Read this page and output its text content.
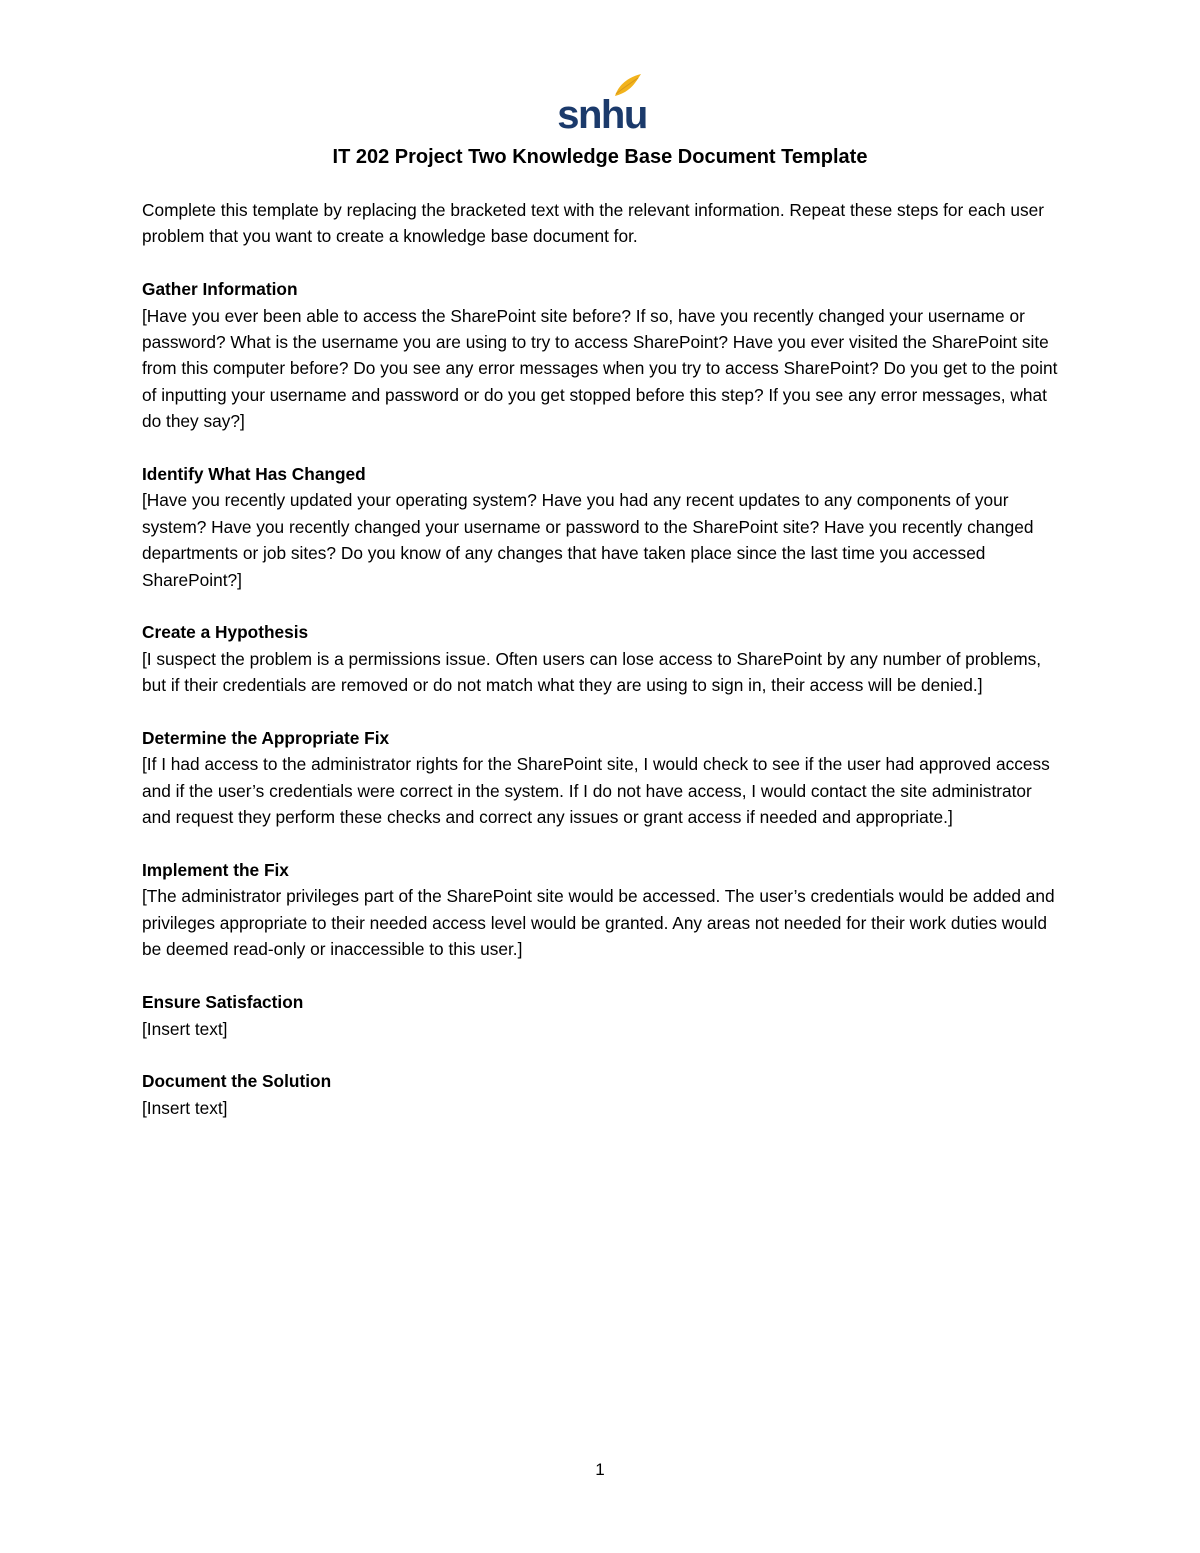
snhu
IT 202 Project Two Knowledge Base Document Template

Complete this template by replacing the bracketed text with the relevant information. Repeat these steps for each user problem that you want to create a knowledge base document for.

Gather Information

[Have you ever been able to access the SharePoint site before? If so, have you recently changed your username or password? What is the username you are using to try to access SharePoint? Have you ever visited the SharePoint site from this computer before? Do you see any error messages when you try to access SharePoint? Do you get to the point of inputting your username and password or do you get stopped before this step? If you see any error messages, what do they say?]

Identify What Has Changed

[Have you recently updated your operating system? Have you had any recent updates to any components of your system? Have you recently changed your username or password to the SharePoint site? Have you recently changed departments or job sites? Do you know of any changes that have taken place since the last time you accessed SharePoint?]

Create a Hypothesis

[I suspect the problem is a permissions issue. Often users can lose access to SharePoint by any number of problems, but if their credentials are removed or do not match what they are using to sign in, their access will be denied.]

Determine the Appropriate Fix

[If I had access to the administrator rights for the SharePoint site, I would check to see if the user had approved access and if the user’s credentials were correct in the system. If I do not have access, I would contact the site administrator and request they perform these checks and correct any issues or grant access if needed and appropriate.]

Implement the Fix

[The administrator privileges part of the SharePoint site would be accessed. The user’s credentials would be added and privileges appropriate to their needed access level would be granted. Any areas not needed for their work duties would be deemed read-only or inaccessible to this user.]

Ensure Satisfaction

[Insert text]

Document the Solution

[Insert text]

1
